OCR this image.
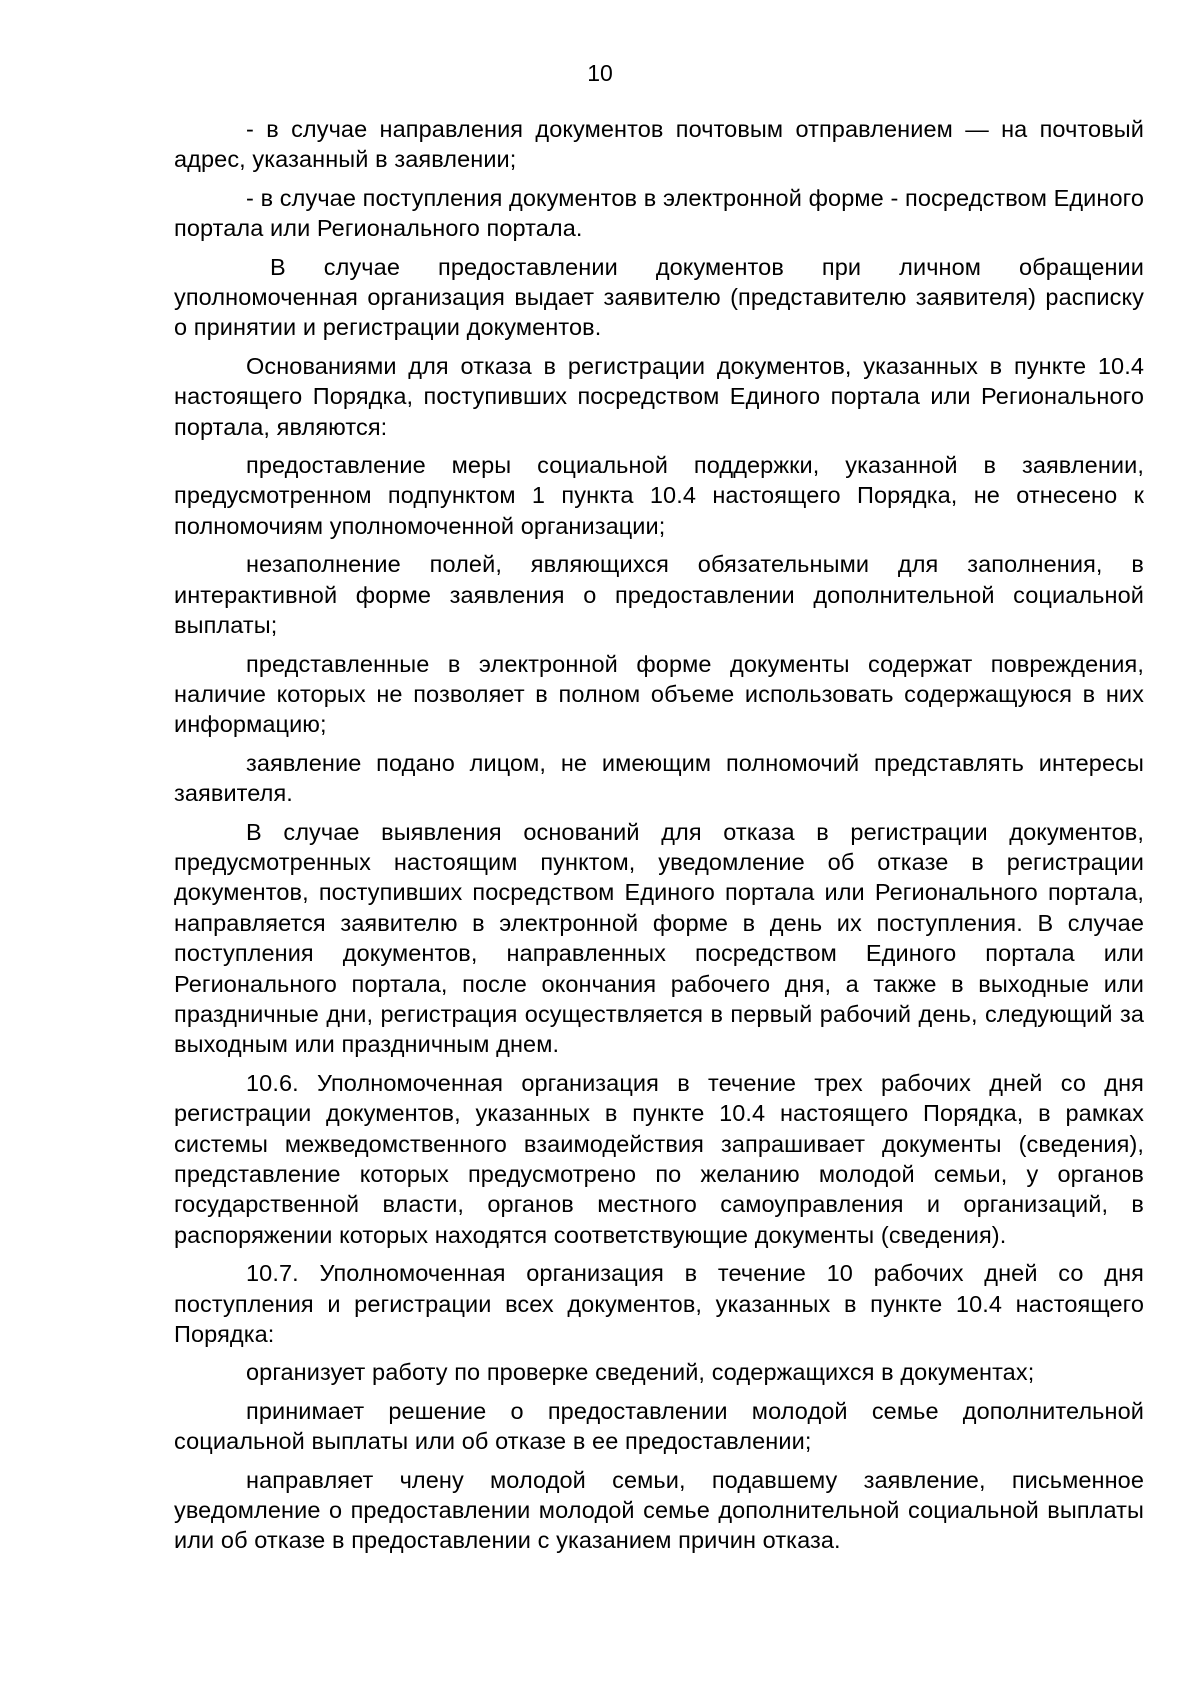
10

- в случае направления документов почтовым отправлением — на почтовый адрес, указанный в заявлении;

- в случае поступления документов в электронной форме - посредством Единого портала или Регионального портала.

В случае предоставлении документов при личном обращении уполномоченная организация выдает заявителю (представителю заявителя) расписку о принятии и регистрации документов.

Основаниями для отказа в регистрации документов, указанных в пункте 10.4 настоящего Порядка, поступивших посредством Единого портала или Регионального портала, являются:

предоставление меры социальной поддержки, указанной в заявлении, предусмотренном подпунктом 1 пункта 10.4 настоящего Порядка, не отнесено к полномочиям уполномоченной организации;

незаполнение полей, являющихся обязательными для заполнения, в интерактивной форме заявления о предоставлении дополнительной социальной выплаты;

представленные в электронной форме документы содержат повреждения, наличие которых не позволяет в полном объеме использовать содержащуюся в них информацию;

заявление подано лицом, не имеющим полномочий представлять интересы заявителя.

В случае выявления оснований для отказа в регистрации документов, предусмотренных настоящим пунктом, уведомление об отказе в регистрации документов, поступивших посредством Единого портала или Регионального портала, направляется заявителю в электронной форме в день их поступления. В случае поступления документов, направленных посредством Единого портала или Регионального портала, после окончания рабочего дня, а также в выходные или праздничные дни, регистрация осуществляется в первый рабочий день, следующий за выходным или праздничным днем.

10.6. Уполномоченная организация в течение трех рабочих дней со дня регистрации документов, указанных в пункте 10.4 настоящего Порядка, в рамках системы межведомственного взаимодействия запрашивает документы (сведения), представление которых предусмотрено по желанию молодой семьи, у органов государственной власти, органов местного самоуправления и организаций, в распоряжении которых находятся соответствующие документы (сведения).

10.7. Уполномоченная организация в течение 10 рабочих дней со дня поступления и регистрации всех документов, указанных в пункте 10.4 настоящего Порядка:

организует работу по проверке сведений, содержащихся в документах;

принимает решение о предоставлении молодой семье дополнительной социальной выплаты или об отказе в ее предоставлении;

направляет члену молодой семьи, подавшему заявление, письменное уведомление о предоставлении молодой семье дополнительной социальной выплаты или об отказе в предоставлении с указанием причин отказа.
